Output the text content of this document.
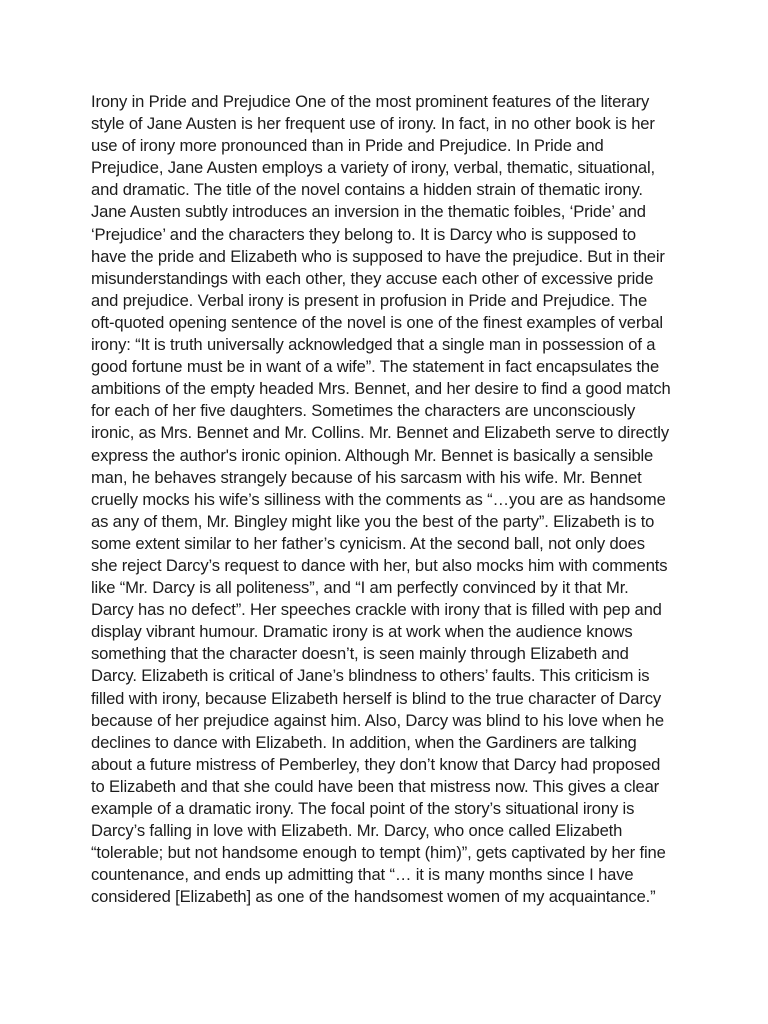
Irony in Pride and Prejudice One of the most prominent features of the literary
style of Jane Austen is her frequent use of irony. In fact, in no other book is her
use of irony more pronounced than in Pride and Prejudice. In Pride and
Prejudice, Jane Austen employs a variety of irony, verbal, thematic, situational,
and dramatic. The title of the novel contains a hidden strain of thematic irony.
Jane Austen subtly introduces an inversion in the thematic foibles, ‘Pride’ and
‘Prejudice’ and the characters they belong to. It is Darcy who is supposed to
have the pride and Elizabeth who is supposed to have the prejudice. But in their
misunderstandings with each other, they accuse each other of excessive pride
and prejudice. Verbal irony is present in profusion in Pride and Prejudice. The
oft-quoted opening sentence of the novel is one of the finest examples of verbal
irony: “It is truth universally acknowledged that a single man in possession of a
good fortune must be in want of a wife”. The statement in fact encapsulates the
ambitions of the empty headed Mrs. Bennet, and her desire to find a good match
for each of her five daughters. Sometimes the characters are unconsciously
ironic, as Mrs. Bennet and Mr. Collins. Mr. Bennet and Elizabeth serve to directly
express the author's ironic opinion. Although Mr. Bennet is basically a sensible
man, he behaves strangely because of his sarcasm with his wife. Mr. Bennet
cruelly mocks his wife’s silliness with the comments as “…you are as handsome
as any of them, Mr. Bingley might like you the best of the party”. Elizabeth is to
some extent similar to her father’s cynicism. At the second ball, not only does
she reject Darcy’s request to dance with her, but also mocks him with comments
like “Mr. Darcy is all politeness”, and “I am perfectly convinced by it that Mr.
Darcy has no defect”. Her speeches crackle with irony that is filled with pep and
display vibrant humour. Dramatic irony is at work when the audience knows
something that the character doesn’t, is seen mainly through Elizabeth and
Darcy. Elizabeth is critical of Jane’s blindness to others’ faults. This criticism is
filled with irony, because Elizabeth herself is blind to the true character of Darcy
because of her prejudice against him. Also, Darcy was blind to his love when he
declines to dance with Elizabeth. In addition, when the Gardiners are talking
about a future mistress of Pemberley, they don’t know that Darcy had proposed
to Elizabeth and that she could have been that mistress now. This gives a clear
example of a dramatic irony. The focal point of the story’s situational irony is
Darcy’s falling in love with Elizabeth. Mr. Darcy, who once called Elizabeth
“tolerable; but not handsome enough to tempt (him)”, gets captivated by her fine
countenance, and ends up admitting that “… it is many months since I have
considered [Elizabeth] as one of the handsomest women of my acquaintance.”
